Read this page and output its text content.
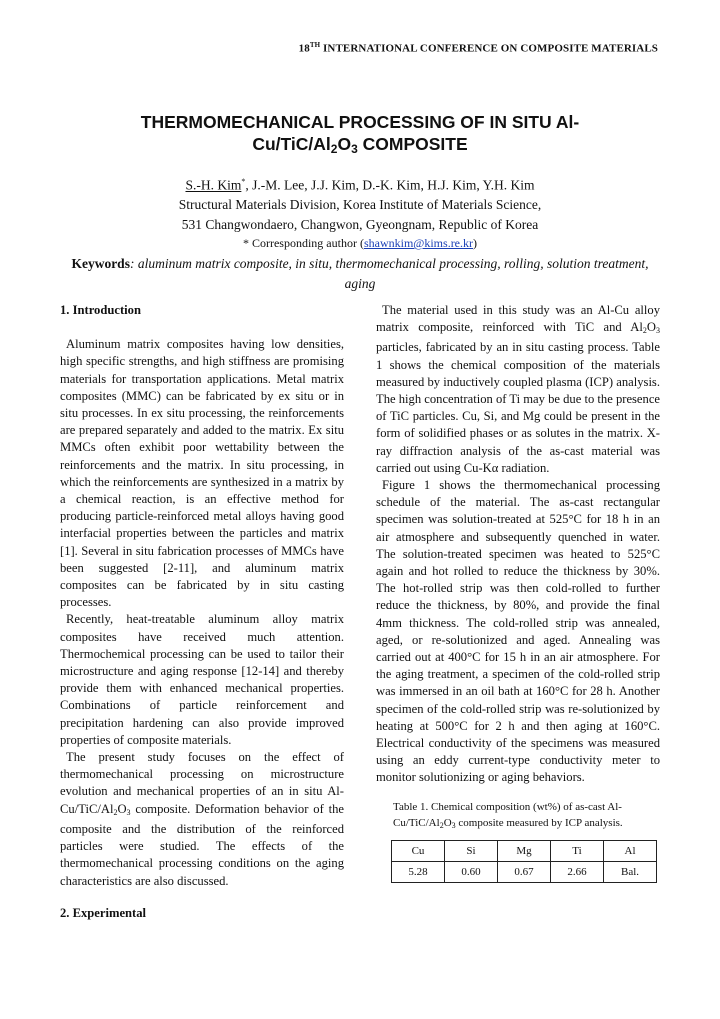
18TH INTERNATIONAL CONFERENCE ON COMPOSITE MATERIALS
THERMOMECHANICAL PROCESSING OF IN SITU Al-
$Cu/TiC/Al_2O_3$ COMPOSITE
S.-H. Kim*, J.-M. Lee, J.J. Kim, D.-K. Kim, H.J. Kim, Y.H. Kim
Structural Materials Division, Korea Institute of Materials Science,
531 Changwondaero, Changwon, Gyeongnam, Republic of Korea
* Corresponding author (shawnkim@kims.re.kr)
Keywords: aluminum matrix composite, in situ, thermomechanical processing, rolling, solution treatment, aging
1. Introduction

Aluminum matrix composites having low densities, high specific strengths, and high stiffness are promising materials for transportation applications. Metal matrix composites (MMC) can be fabricated by ex situ or in situ processes. In ex situ processing, the reinforcements are prepared separately and added to the matrix. Ex situ MMCs often exhibit poor wettability between the reinforcements and the matrix. In situ processing, in which the reinforcements are synthesized in a matrix by a chemical reaction, is an effective method for producing particle-reinforced metal alloys having good interfacial properties between the particles and matrix [1]. Several in situ fabrication processes of MMCs have been suggested [2-11], and aluminum matrix composites can be fabricated by in situ casting processes.

Recently, heat-treatable aluminum alloy matrix composites have received much attention. Thermochemical processing can be used to tailor their microstructure and aging response [12-14] and thereby provide them with enhanced mechanical properties. Combinations of particle reinforcement and precipitation hardening can also provide improved properties of composite materials.

The present study focuses on the effect of thermomechanical processing on microstructure evolution and mechanical properties of an in situ $Al-Cu/TiC/Al_2O_3$ composite. Deformation behavior of the composite and the distribution of the reinforced particles were studied. The effects of the thermomechanical processing conditions on the aging characteristics are also discussed.

2. Experimental

The material used in this study was an Al-Cu alloy matrix composite, reinforced with TiC and $Al_2O_3$ particles, fabricated by an in situ casting process. Table 1 shows the chemical composition of the materials measured by inductively coupled plasma (ICP) analysis. The high concentration of Ti may be due to the presence of TiC particles. Cu, Si, and Mg could be present in the form of solidified phases or as solutes in the matrix. X-ray diffraction analysis of the as-cast material was carried out using Cu-Kα radiation.

Figure 1 shows the thermomechanical processing schedule of the material. The as-cast rectangular specimen was solution-treated at 525°C for 18 h in an air atmosphere and subsequently quenched in water. The solution-treated specimen was heated to 525°C again and hot rolled to reduce the thickness by 30%. The hot-rolled strip was then cold-rolled to further reduce the thickness, by 80%, and provide the final 4mm thickness. The cold-rolled strip was annealed, aged, or re-solutionized and aged. Annealing was carried out at 400°C for 15 h in an air atmosphere. For the aging treatment, a specimen of the cold-rolled strip was immersed in an oil bath at 160°C for 28 h. Another specimen of the cold-rolled strip was re-solutionized by heating at 500°C for 2 h and then aging at 160°C. Electrical conductivity of the specimens was measured using an eddy current-type conductivity meter to monitor solutionizing or aging behaviors.

Table 1. Chemical composition (wt%) of as-cast $Al-Cu/TiC/Al_2O_3$ composite measured by ICP analysis.
Cu	Si	Mg	Ti	Al
5.28	0.60	0.67	2.66	Bal.
